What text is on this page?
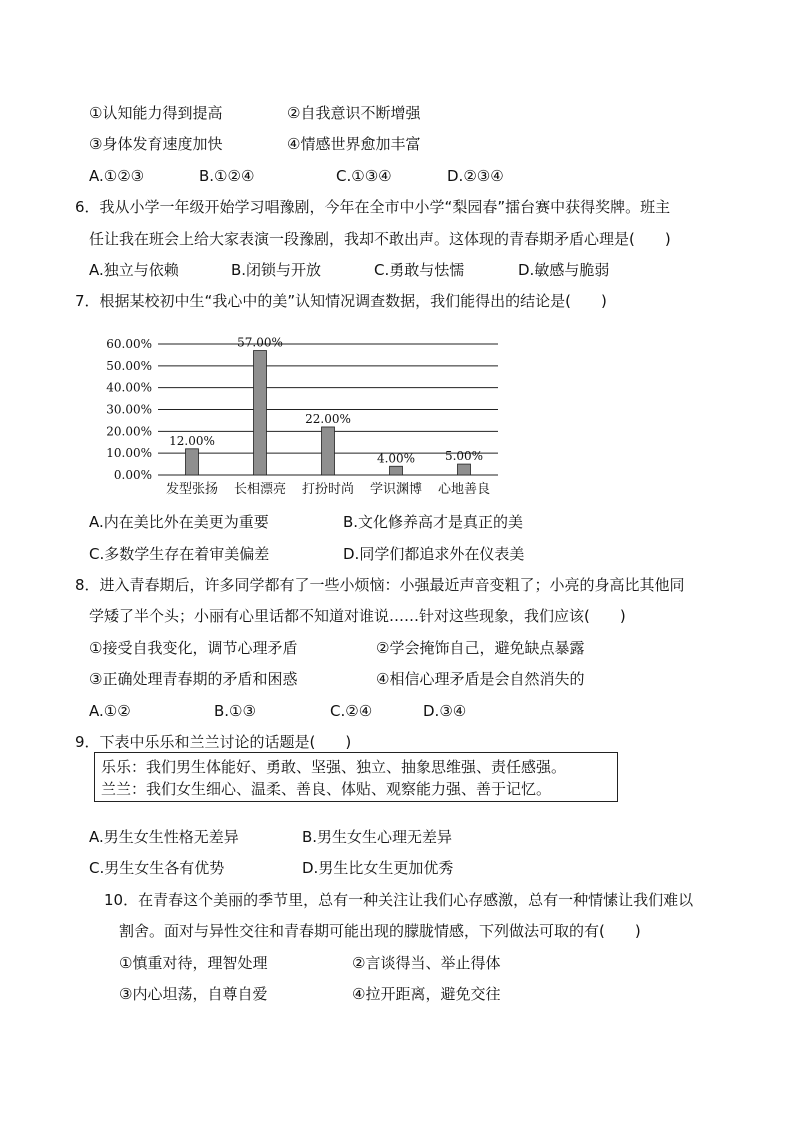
①认知能力得到提高	②自我意识不断增强
③身体发育速度加快	④情感世界愈加丰富
A.①②③	B.①②④	C.①③④	D.②③④
6．我从小学一年级开始学习唱豫剧，今年在全市中小学“梨园春”擂台赛中获得奖牌。班主
任让我在班会上给大家表演一段豫剧，我却不敢出声。这体现的青春期矛盾心理是(　　)
A.独立与依赖	B.闭锁与开放	C.勇敢与怯懦	D.敏感与脆弱
7．根据某校初中生“我心中的美”认知情况调查数据，我们能得出的结论是(　　)
0.00%
10.00%
20.00%
30.00%
40.00%
50.00%
60.00%
12.00%
发型张扬
57.00%
长相漂亮
22.00%
打扮时尚
4.00%
学识渊博
5.00%
心地善良
A.内在美比外在美更为重要	B.文化修养高才是真正的美
C.多数学生存在着审美偏差	D.同学们都追求外在仪表美
8．进入青春期后，许多同学都有了一些小烦恼：小强最近声音变粗了；小亮的身高比其他同
学矮了半个头；小丽有心里话都不知道对谁说……针对这些现象，我们应该(　　)
①接受自我变化，调节心理矛盾	②学会掩饰自己，避免缺点暴露
③正确处理青春期的矛盾和困惑	④相信心理矛盾是会自然消失的
A.①②	B.①③	C.②④	D.③④
9．下表中乐乐和兰兰讨论的话题是(　　)
乐乐：我们男生体能好、勇敢、坚强、独立、抽象思维强、责任感强。
兰兰：我们女生细心、温柔、善良、体贴、观察能力强、善于记忆。
A.男生女生性格无差异	B.男生女生心理无差异
C.男生女生各有优势	D.男生比女生更加优秀
10．在青春这个美丽的季节里，总有一种关注让我们心存感激，总有一种情愫让我们难以
割舍。面对与异性交往和青春期可能出现的朦胧情感，下列做法可取的有(　　)
①慎重对待，理智处理	②言谈得当、举止得体
③内心坦荡，自尊自爱	④拉开距离，避免交往
